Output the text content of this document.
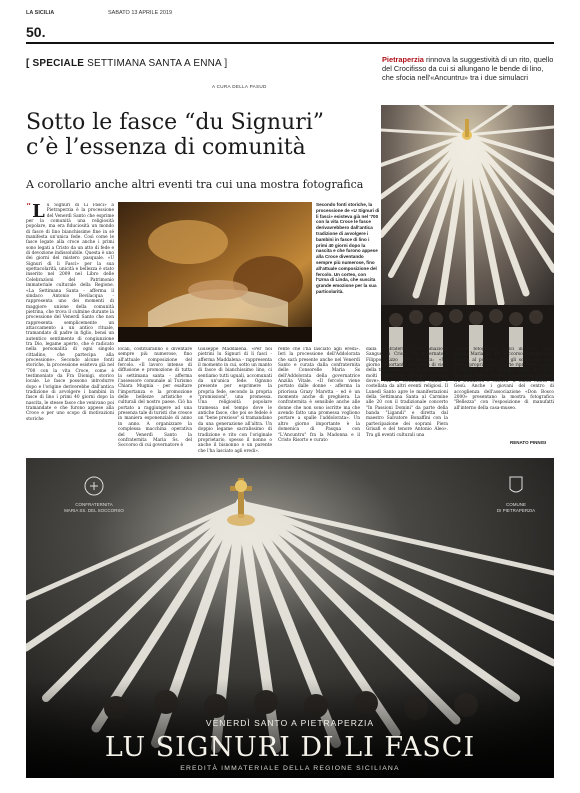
LA SICILIA	SABATO 13 APRILE 2019
50.
[ SPECIALE SETTIMANA SANTA A ENNA ]
A CURA DELLA PASUD
Pietraperzia rinnova la suggestività di un rito, quello del Crocifisso da cui si allungano le bende di lino, che sfocia nell'«Ancuntru» tra i due simulacri
Sotto le fasce “du Signuri”
c’è l’essenza di comunità
A corollario anche altri eventi tra cui una mostra fotografica
“ L u Signuri di Li Fasci» a Pietraperzia è la processione del Venerdì Santo che esprime per la comunità una religiosità popolare, ma era fiduciosità un mondo di fasce di lino bianchissime fine in sé manifesta un'unica fede. Così come le fasce legate alla croce anche i primi sono legati a Cristo da un atto di fede e di devozione indissolubile. Questa è uno dei giorni del mistero pasquale. «U Signuri di li Fasci» per la sua spettacolarità, unicità e bellezza è stato inserito nel 2009 nel Libro delle Celebrazioni del Patrimonio immateriale culturale della Regione. «La Settimana Santa - afferma il sindaco Antonio Bevilacqua - rappresenta uno dei momenti di maggiore unione della comunità pietrina, che trova il culmine durante la processione del Venerdì Santo che non rappresenta semplicemente un attaccamento a un antico rituale, tramandato di padre in figlio, bensì un autentico sentimento di congiunzione tra Dio, legame aperto, che è radicato nella personalità di ogni singolo cittadino, che partecipa alla processione». Secondo alcune fonti storiche, la processione esisteva già nel '700 con la vita Croce, come è testimoniato da Fra Dionigi, storico locale. Le fasce possono introdurre dopo e l'origine deriverebbe dall'antica tradizione di avvolgere i bambini in fasce di lino i primi 40 giorni dopo la nascita, le stesse fasce che venivano poi tramandate e che furono appese alla Croce e per uno scopo di motivazioni storiche
Secondo fonti storiche, la processione de «U Signuri di li fasci» esisteva già nel '700 con la vita Croce le fasce derivavrebbero dall'antica tradizione di avvolgere i bambini in fasce di lino i primi 40 giorni dopo la nascita e che furono appese alla Croce diventando sempre più numerose, fino all'attuale composizione del fercolo. Un corteo, con l'Urna di Linda, che suscita grande emozione per la sua particolarità.
locali, costituiranno o diventare sempre più numerose, fino all'attuale composizione del fercolo. «Il lavoro intenso di diffusione e promozione di tutta la settimana santa - afferma l'assessore comunale al Turismo Chiara Mugnia - per esaltare l'importanza e la promozione delle bellezze artistiche e culturali del nostro paese. Ciò ha portato a raggiungere ad una presenza tale di turisti che cresce in maniera esponenziale di anno in anno. A organizzare la complessa macchina operativa del Venerdì Santo la confraternita Maria Ss. del Soccorso di cui governatore è
Giuseppe Maddalena. «Per noi pietrini lu Signuri di li fasci - afferma Maddalena - rappresenta il momento in cui, sotto un manto di fasce di bianchissimo lino, ci sentiamo tutti uguali, accomunati da un'unica fede. Ognuno presente per esprimere la propria fede, secondo la propria "promissioni", una promessa. Una religiosità popolare tramessa nel tempo dove le antiche fasce, che poi se fedele è un "bene prezioso" si tramandano da una generazione all'altra. Un doppio legame sacralissimo di tradizione e rito con l'originale proprietario, spesso il nonno o anche il bisnonno o un parente che l'ha lasciato agli eredi».
rente che l'ha lasciato agli eredi». Ieri la processione dell'Addolorata che sarà presente anche nel Venerdì Santo e curata dalla confraternita delle Consorelle Maria Ss dell'Addolorata della governatrice Anzilia Vitale. «Il fercolo viene portato dalle donne - afferma la priorissa Grazy Marotta - ed è un momento anche di preghiera. La confraternita è sensibile anche alle donne che non sono iscritte ma che avendo fatto una promessa vogliono portare a spalle l'addolorata». Un altro giorno importante è la domenica di Pasqua con "L'Ancuntru" fra la Madonna e il Cristo Risorto e curato
dalla confraternita Proclamazione Sangue di Cristo del governatore Filippo Rizzo che rimarca: «Un giorno importante dal punto di vista della tradizione e con la presenza di moltì turisti che arrivano da ogni dove». Ma la Settimana Santa è costellata da altri eventi religiosi. Il Lunedì Santo apre le manifestazioni della Settimana Santa al Carmine alle 20 con il tradizionale concerto "In Passioni Domini" da parte della banda "Ligandi" e diretta dal maestro Salvatore Bonaffini con la partecipazione dei soprani Piera Grisafi e del tenore Antonio Aleo». Tra gli eventi culturali una
mostra fotografica "Fasci in Luce" nella chiesa Maria Ss del Soccorso Karnaval già aperta, al pubblico con gli scatti che sono vere e proprie opere d'arte riprodotte, grazie a Antonio Caffo, Filippo Arena e Nicolò Speciale. Poi la mostra "Espressioni popolari tra tradizioni e cultura" a Santa Maria di Gesù. Anche i giovani del centro di accoglienza dell'associazione «Don Bosco 2000» presentano la mostra fotografica "Bellezza" con l'esposizione di manufatti all'interno della casa-museo.
RENATO PINNISI
CONFRATERNITA
MARIA SS. DEL SOCCORSO
COMUNE
DI PIETRAPERZIA
VENERDÌ SANTO A PIETRAPERZIA
LU SIGNURI DI LI FASCI
EREDITÀ IMMATERIALE DELLA REGIONE SICILIANA
